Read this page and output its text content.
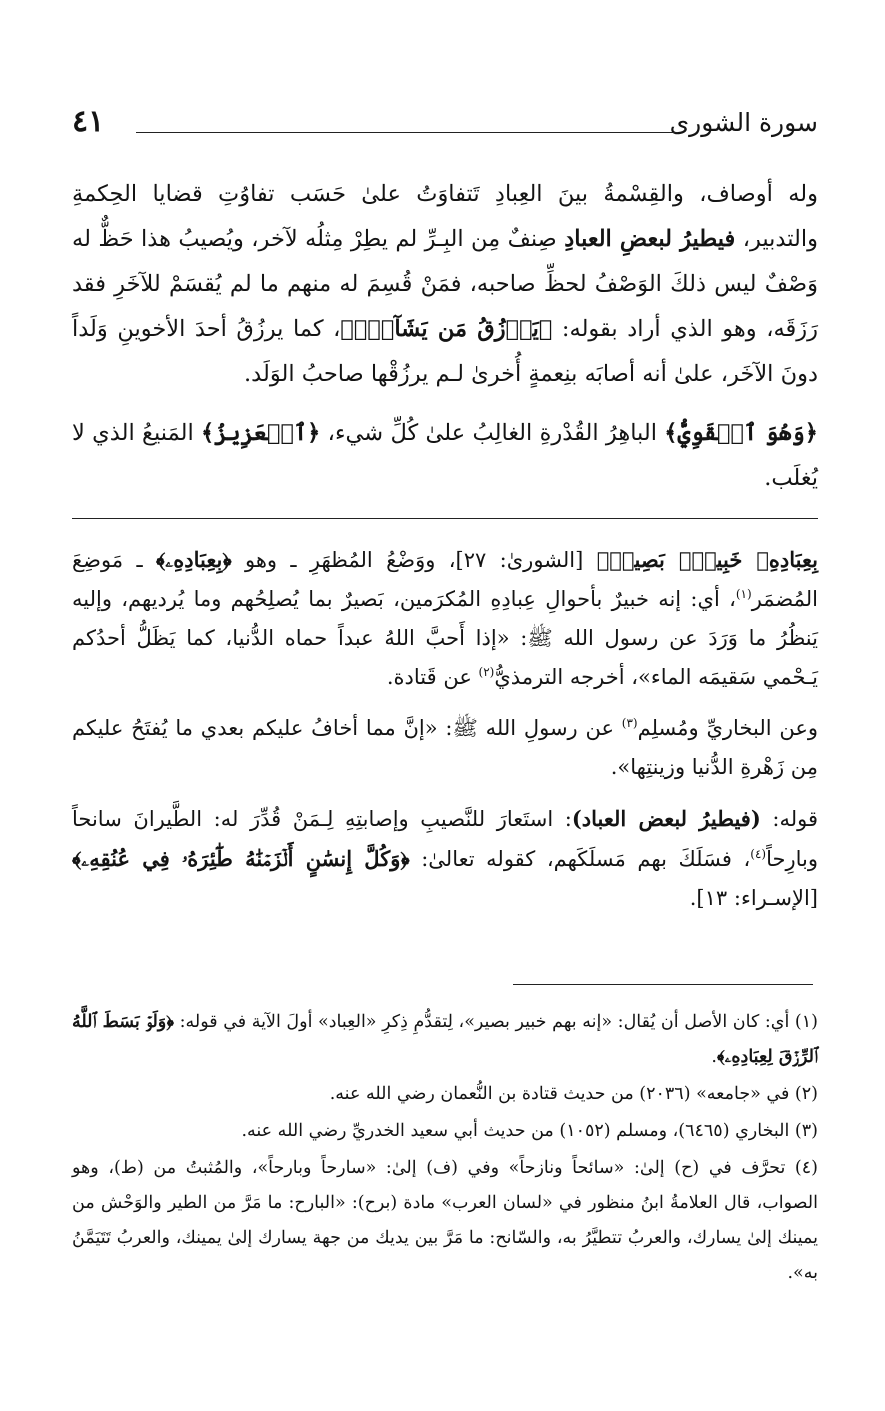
سورة الشورى
٤١

وله أوصاف، والقِسْمةُ بينَ العِبادِ تَتفاوَتُ علىٰ حَسَب تفاوُتِ قضايا الحِكمةِ والتدبير، فيطيرُ لبعضِ العبادِ صِنفٌ مِن البِـرِّ لم يطِرْ مِثلُه لآخر، ويُصيبُ هذا حَظٌّ له وَصْفٌ ليس ذلكَ الوَصْفُ لحظِّ صاحبه، فمَنْ قُسِمَ له منهم ما لم يُقسَمْ للآخَرِ فقد رَزَقَه، وهو الذي أراد بقوله: ﴿يَرۡزُقُ مَن يَشَآءُۖ﴾، كما يرزُقُ أحدَ الأخوينِ وَلَداً دونَ الآخَر، علىٰ أنه أصابَه بنِعمةٍ أُخرىٰ لـم يرزُقْها صاحبُ الوَلَد.

﴿وَهُوَ ٱلۡقَوِيُّ﴾ الباهِرُ القُدْرةِ الغالِبُ علىٰ كُلِّ شيء، ﴿ٱلۡعَزِيزُ﴾ المَنيعُ الذي لا يُغلَب.

بِعِبَادِهِۦ خَبِيرُۢ بَصِيرٞ﴾ [الشورىٰ: ٢٧]، ووَضْعُ المُظهَرِ ـ وهو ﴿بِعِبَادِهِۦ﴾ ـ مَوضِعَ المُضمَر$^{(١)}$، أي: إنه خبيرٌ بأحوالِ عِبادِهِ المُكرَمين، بَصيرٌ بما يُصلِحُهم وما يُرديهم، وإليه يَنظُرُ ما وَرَدَ عن رسول الله ﷺ: «إذا أَحبَّ اللهُ عبداً حماه الدُّنيا، كما يَظَلُّ أحدُكم يَـحْمي سَقيمَه الماء»، أخرجه الترمذيُّ$^{(٢)}$ عن قَتادة.

وعن البخاريِّ ومُسلِم$^{(٣)}$ عن رسولِ الله ﷺ: «إنَّ مما أخافُ عليكم بعدي ما يُفتَحُ عليكم مِن زَهْرةِ الدُّنيا وزينتِها».

قوله: (فيطيرُ لبعض العباد): استَعارَ للنَّصيبِ وإصابتِهِ لِـمَنْ قُدِّرَ له: الطَّيرانَ سانحاً وبارِحاً$^{(٤)}$، فسَلَكَ بهم مَسلَكَهم، كقوله تعالىٰ: ﴿وَكُلَّ إِنسَٰنٍ أَلۡزَمۡنَٰهُ طَٰٓئِرَهُۥ فِي عُنُقِهِۦ﴾ [الإسـراء: ١٣].

(١) أي: كان الأصل أن يُقال: «إنه بهم خبير بصير»، لِتقدُّمِ ذِكرِ «العِباد» أولَ الآية في قوله: ﴿وَلَوۡ بَسَطَ ٱللَّهُ ٱلرِّزۡقَ لِعِبَادِهِۦ﴾.

(٢) في «جامعه» (٢٠٣٦) من حديث قتادة بن النُّعمان رضي الله عنه.

(٣) البخاري (٦٤٦٥)، ومسلم (١٠٥٢) من حديث أبي سعيد الخدريِّ رضي الله عنه.

(٤) تحرَّف في (ح) إلىٰ: «سائحاً ونازحاً» وفي (ف) إلىٰ: «سارحاً وبارحاً»، والمُثبتُ من (ط)، وهو الصواب، قال العلامةُ ابنُ منظور في «لسان العرب» مادة (برح): «البارح: ما مَرَّ من الطير والوَحْش من يمينك إلىٰ يسارك، والعربُ تتطيَّرُ به، والسّانح: ما مَرَّ بين يديك من جهة يسارك إلىٰ يمينك، والعربُ تَتَيَمَّنُ به».
